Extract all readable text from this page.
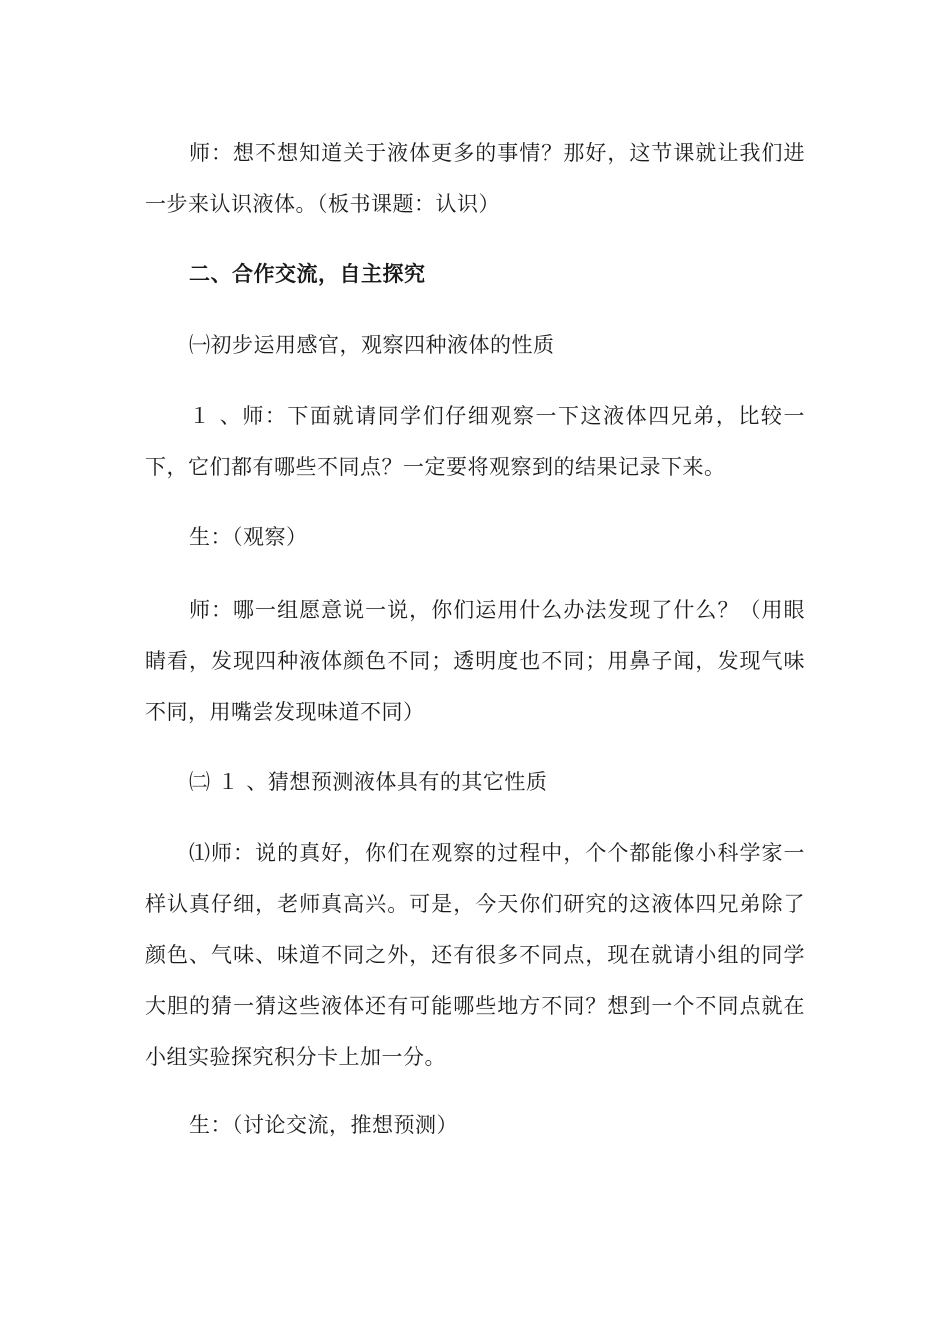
师：想不想知道关于液体更多的事情？那好，这节课就让我们进一步来认识液体。（板书课题：认识）

二、合作交流，自主探究

㈠初步运用感官，观察四种液体的性质

１ 、师：下面就请同学们仔细观察一下这液体四兄弟，比较一下，它们都有哪些不同点？一定要将观察到的结果记录下来。

生：（观察）

师：哪一组愿意说一说，你们运用什么办法发现了什么？（用眼睛看，发现四种液体颜色不同；透明度也不同；用鼻子闻，发现气味不同，用嘴尝发现味道不同）

㈡ １ 、猜想预测液体具有的其它性质

⑴师：说的真好，你们在观察的过程中，个个都能像小科学家一样认真仔细，老师真高兴。可是，今天你们研究的这液体四兄弟除了颜色、气味、味道不同之外，还有很多不同点，现在就请小组的同学大胆的猜一猜这些液体还有可能哪些地方不同？想到一个不同点就在小组实验探究积分卡上加一分。

生：（讨论交流，推想预测）
